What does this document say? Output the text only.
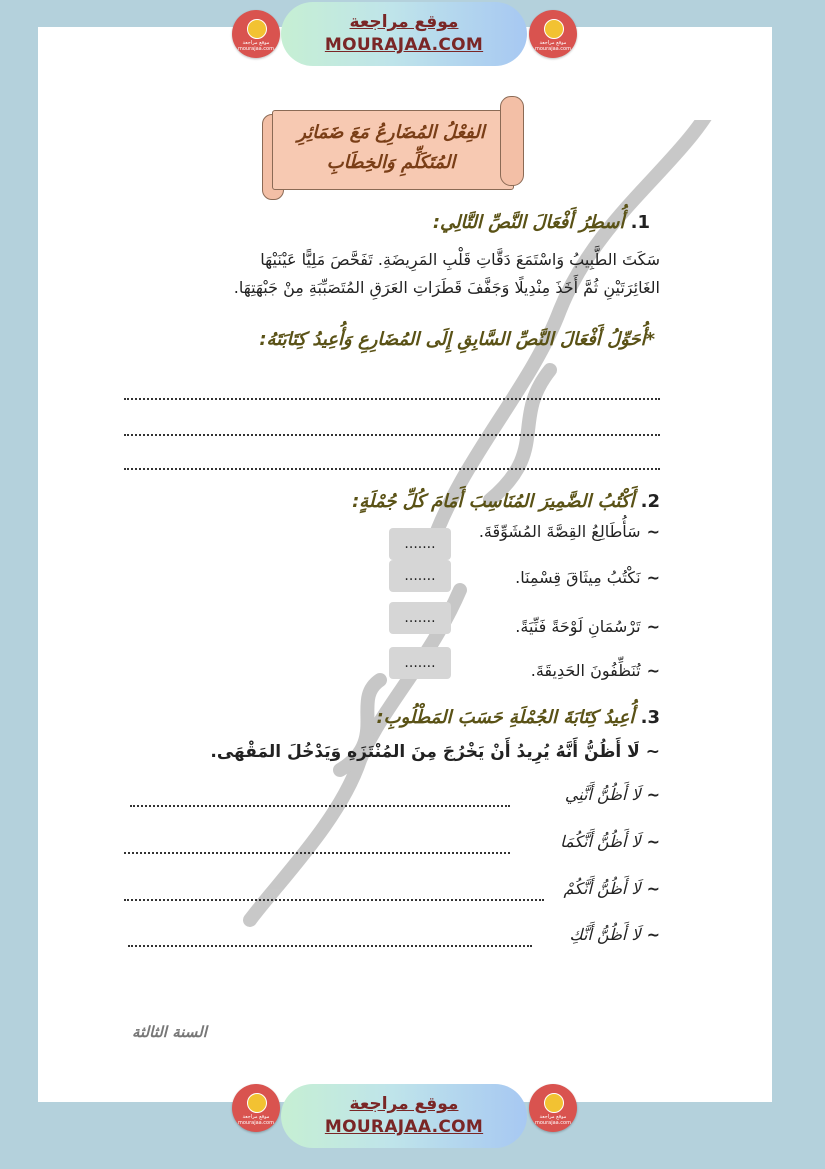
موقع مراجعة mourajaa.com
موقع مراجعة
MOURAJAA.COM	موقع مراجعة mourajaa.com
الفِعْلُ المُضَارِعُ مَعَ ضَمَائِرِ
المُتَكَلِّمِ وَالخِطَابِ
1. أُسطِرُ أَفْعَالَ النَّصِّ التَّالِي:
سَكَتَ الطَّبِيبُ وَاسْتَمَعَ دَقَّاتِ قَلْبِ المَرِيضَةِ. تَفَحَّصَ مَلِيًّا عَيْنَيْهَا
الغَائِرَتَيْنِ ثُمَّ أَخَذَ مِنْدِيلًا وَجَفَّفَ قَطَرَاتِ العَرَقِ المُتَصَبِّبَةِ مِنْ جَبْهَتِهَا.
*أُحَوِّلُ أَفْعَالَ النَّصِّ السَّابِقِ إِلَى المُضَارِعِ وَأُعِيدُ كِتَابَتَهُ:
2. أَكْتُبُ الضَّمِيرَ المُنَاسِبَ أَمَامَ كُلِّ جُمْلَةٍ:
~سَأُطَالِعُ القِصَّةَ المُشَوِّقَةَ.
.......
~نَكْتُبُ مِيثَاقَ قِسْمِنَا.
.......
~تَرْسُمَانِ لَوْحَةً فَنِّيَةً.
.......
~تُنَظِّفُونَ الحَدِيقَةَ.
.......
3. أُعِيدُ كِتَابَةَ الجُمْلَةِ حَسَبَ المَطْلُوبِ:
~لَا أَظُنُّ أَنَّهُ يُرِيدُ أَنْ يَخْرُجَ مِنَ المُنْتَزَهِ وَيَدْخُلَ المَقْهَى.
~لَا أَظُنُّ أَنَّنِي
~لَا أَظُنُّ أَنَّكُمَا
~لَا أَظُنُّ أَنَّكُمْ
~لَا أَظُنُّ أَنَّكِ
السنة الثالثة
موقع مراجعة mourajaa.com
موقع مراجعة
MOURAJAA.COM	موقع مراجعة mourajaa.com
